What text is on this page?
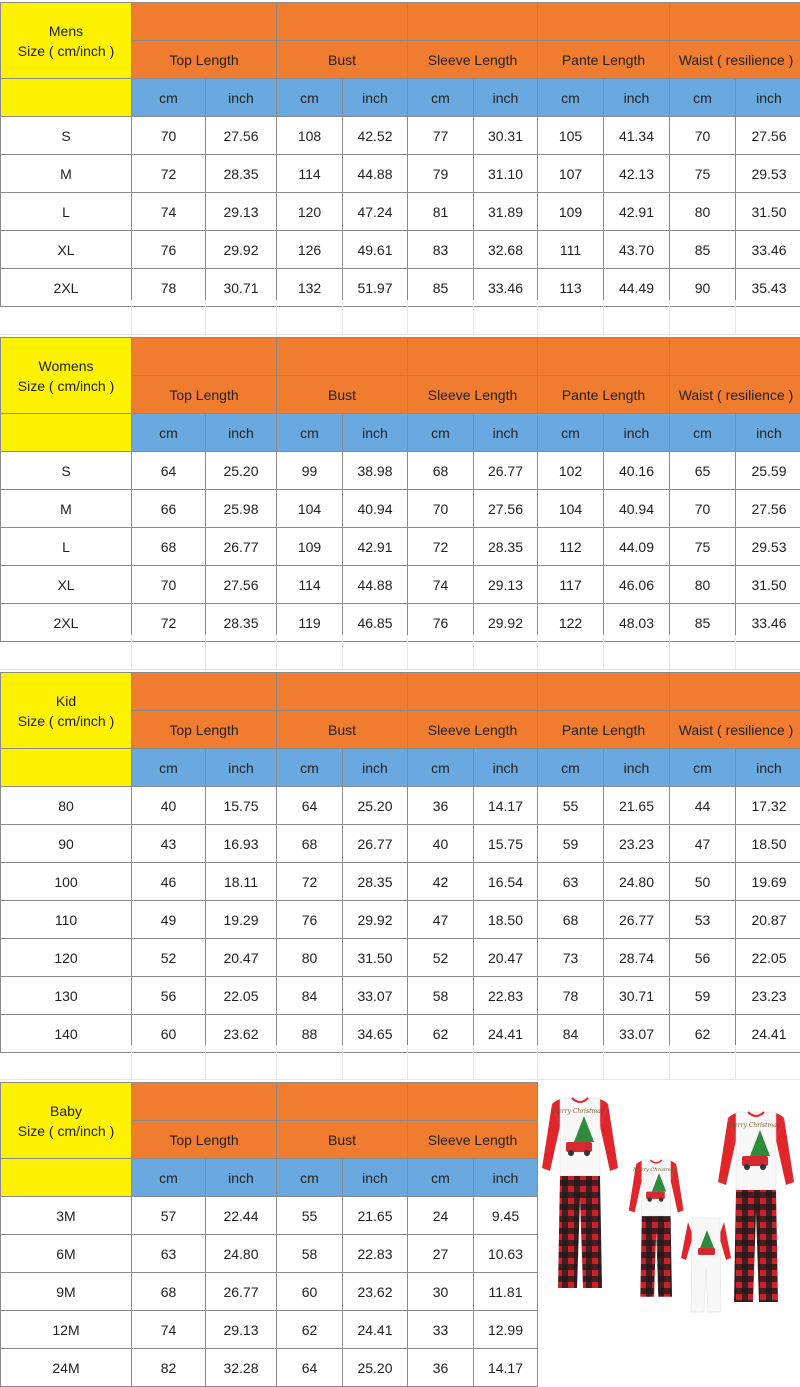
Mens
Size ( cm/inch )										

	Top Length		Bust		Sleeve Length		Pante Length		Waist ( resilience )	
	cm	inch	cm	inch	cm	inch	cm	inch	cm	inch
S	70	27.56	108	42.52	77	30.31	105	41.34	70	27.56
M	72	28.35	114	44.88	79	31.10	107	42.13	75	29.53
L	74	29.13	120	47.24	81	31.89	109	42.91	80	31.50
XL	76	29.92	126	49.61	83	32.68	111	43.70	85	33.46
2XL	78	30.71	132	51.97	85	33.46	113	44.49	90	35.43
Womens
Size ( cm/inch )										

	Top Length		Bust		Sleeve Length		Pante Length		Waist ( resilience )	
	cm	inch	cm	inch	cm	inch	cm	inch	cm	inch
S	64	25.20	99	38.98	68	26.77	102	40.16	65	25.59
M	66	25.98	104	40.94	70	27.56	104	40.94	70	27.56
L	68	26.77	109	42.91	72	28.35	112	44.09	75	29.53
XL	70	27.56	114	44.88	74	29.13	117	46.06	80	31.50
2XL	72	28.35	119	46.85	76	29.92	122	48.03	85	33.46
Kid
Size ( cm/inch )										

	Top Length		Bust		Sleeve Length		Pante Length		Waist ( resilience )	
	cm	inch	cm	inch	cm	inch	cm	inch	cm	inch
80	40	15.75	64	25.20	36	14.17	55	21.65	44	17.32
90	43	16.93	68	26.77	40	15.75	59	23.23	47	18.50
100	46	18.11	72	28.35	42	16.54	63	24.80	50	19.69
110	49	19.29	76	29.92	47	18.50	68	26.77	53	20.87
120	52	20.47	80	31.50	52	20.47	73	28.74	56	22.05
130	56	22.05	84	33.07	58	22.83	78	30.71	59	23.23
140	60	23.62	88	34.65	62	24.41	84	33.07	62	24.41
Baby
Size ( cm/inch )						

	Top Length		Bust		Sleeve Length	
	cm	inch	cm	inch	cm	inch
3M	57	22.44	55	21.65	24	9.45
6M	63	24.80	58	22.83	27	10.63
9M	68	26.77	60	23.62	30	11.81
12M	74	29.13	62	24.41	33	12.99
24M	82	32.28	64	25.20	36	14.17
Merry Christmas
Merry Christmas
Merry Christmas
